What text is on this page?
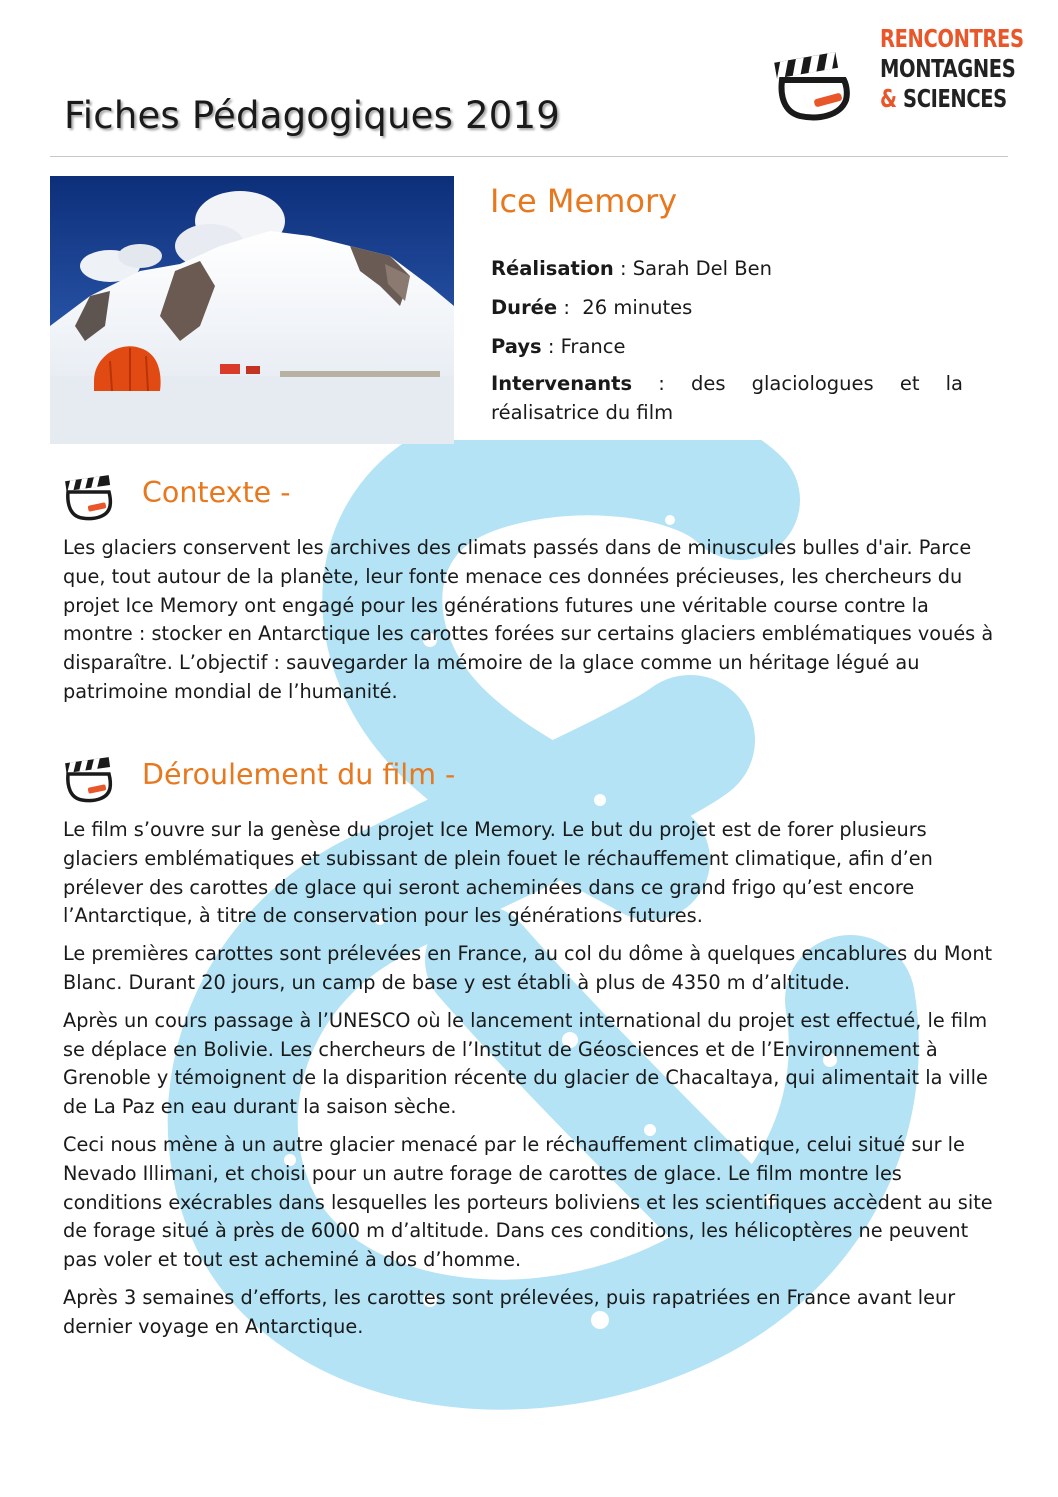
Fiches Pédagogiques 2019
RENCONTRES
MONTAGNES
& SCIENCES
Ice Memory

Réalisation : Sarah Del Ben

Durée :  26 minutes

Pays : France

Intervenants : des glaciologues et la réalisatrice du film

Contexte -

Les glaciers conservent les archives des climats passés dans de minuscules bulles d'air. Parce que, tout autour de la planète, leur fonte menace ces données précieuses, les chercheurs du projet Ice Memory ont engagé pour les générations futures une véritable course contre la montre : stocker en Antarctique les carottes forées sur certains glaciers emblématiques voués à disparaître. L’objectif : sauvegarder la mémoire de la glace comme un héritage légué au patrimoine mondial de l’humanité.

Déroulement du film -

Le film s’ouvre sur la genèse du projet Ice Memory. Le but du projet est de forer plusieurs glaciers emblématiques et subissant de plein fouet le réchauffement climatique, afin d’en prélever des carottes de glace qui seront acheminées dans ce grand frigo qu’est encore l’Antarctique, à titre de conservation pour les générations futures.

Le premières carottes sont prélevées en France, au col du dôme à quelques encablures du Mont Blanc. Durant 20 jours, un camp de base y est établi à plus de 4350 m d’altitude.

Après un cours passage à l’UNESCO où le lancement international du projet est effectué, le film se déplace en Bolivie. Les chercheurs de l’Institut de Géosciences et de l’Environnement à Grenoble y témoignent de la disparition récente du glacier de Chacaltaya, qui alimentait la ville de La Paz en eau durant la saison sèche.

Ceci nous mène à un autre glacier menacé par le réchauffement climatique, celui situé sur le Nevado Illimani, et choisi pour un autre forage de carottes de glace. Le film montre les conditions exécrables dans lesquelles les porteurs boliviens et les scientifiques accèdent au site de forage situé à près de 6000 m d’altitude. Dans ces conditions, les hélicoptères ne peuvent pas voler et tout est acheminé à dos d’homme.

Après 3 semaines d’efforts, les carottes sont prélevées, puis rapatriées en France avant leur dernier voyage en Antarctique.
